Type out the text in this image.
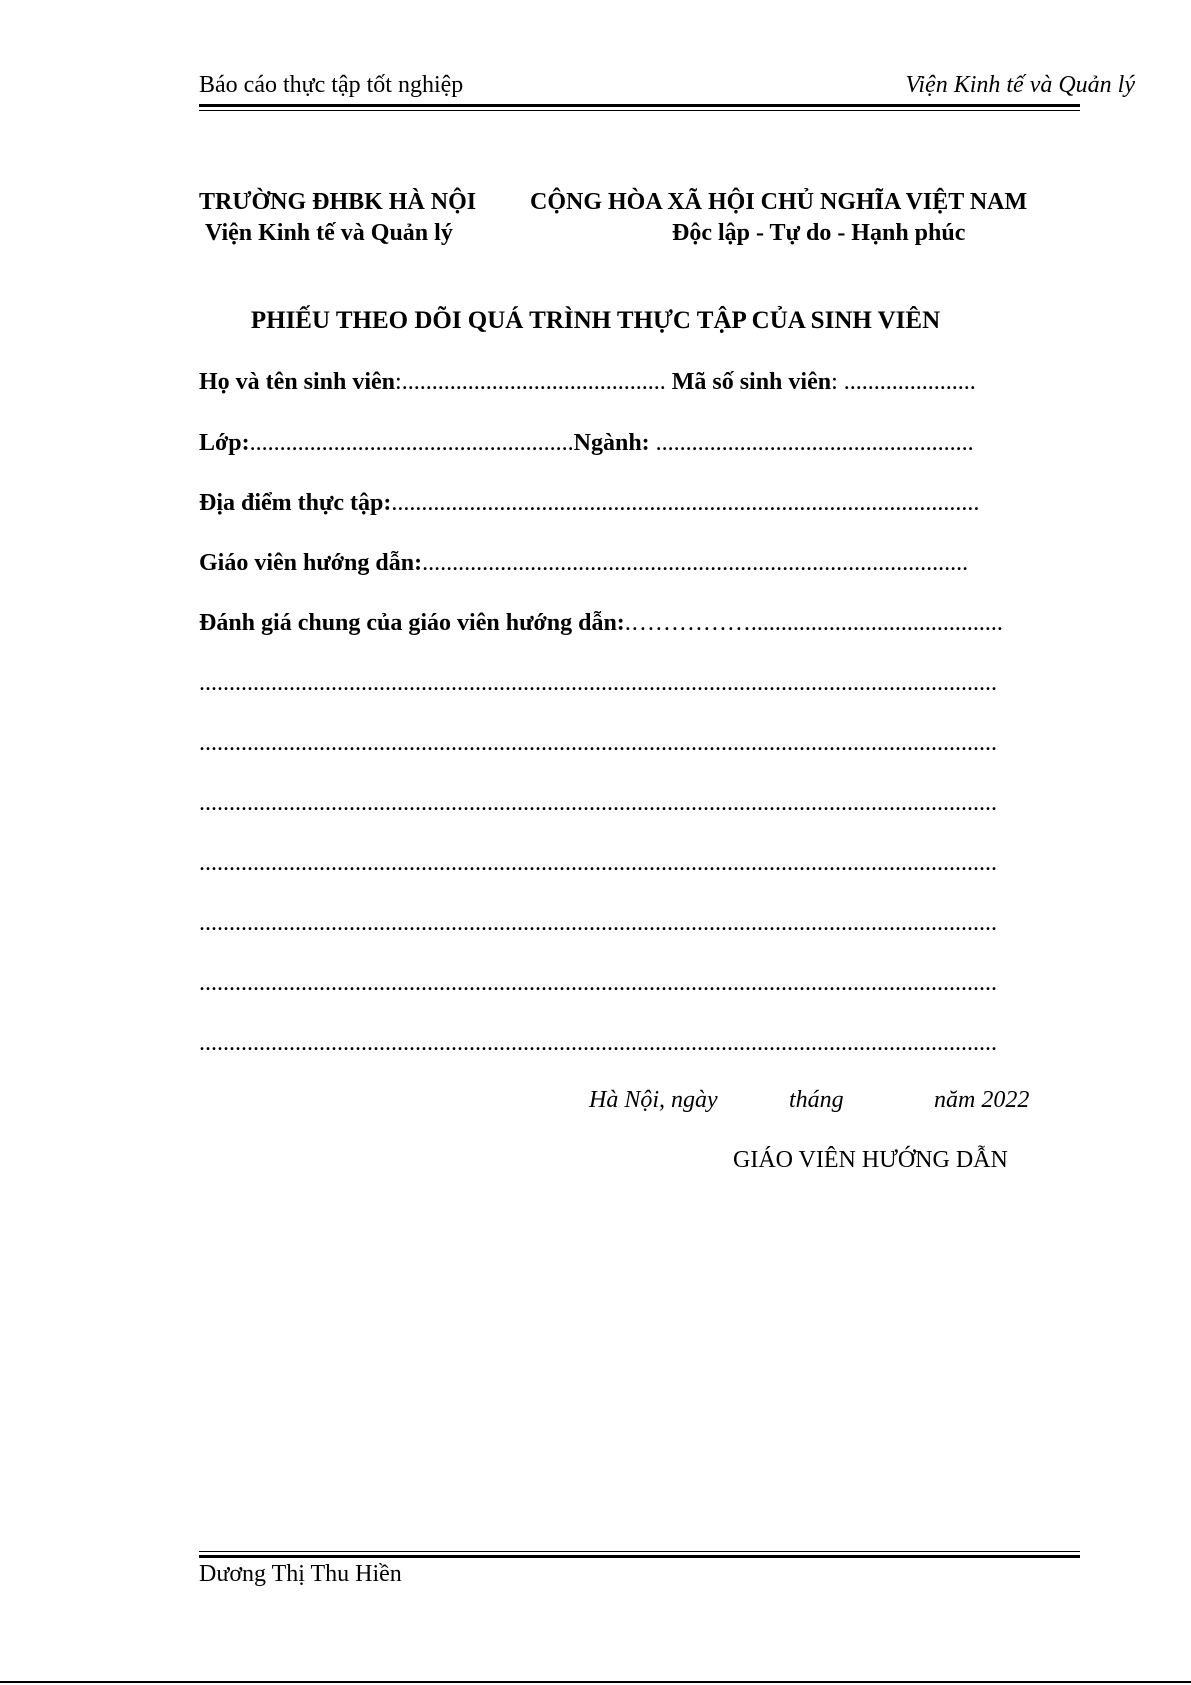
Báo cáo thực tập tốt nghiệp	Viện Kinh tế và Quản lý
TRƯỜNG ĐHBK HÀ NỘI
Viện Kinh tế và Quản lý
CỘNG HÒA XÃ HỘI CHỦ NGHĨA VIỆT NAM
Độc lập - Tự do - Hạnh phúc
PHIẾU THEO DÕI QUÁ TRÌNH THỰC TẬP CỦA SINH VIÊN
Họ và tên sinh viên:............................................ Mã số sinh viên: ......................
Lớp:......................................................Ngành: .....................................................
Địa điểm thực tập:..................................................................................................
Giáo viên hướng dẫn:...........................................................................................
Đánh giá chung của giáo viên hướng dẫn:.……………..........................................
.....................................................................................................................................
.....................................................................................................................................
.....................................................................................................................................
.....................................................................................................................................
.....................................................................................................................................
.....................................................................................................................................
.....................................................................................................................................
Hà Nội, ngày	tháng	năm 2022
GIÁO VIÊN HƯỚNG DẪN
Dương Thị Thu Hiền
